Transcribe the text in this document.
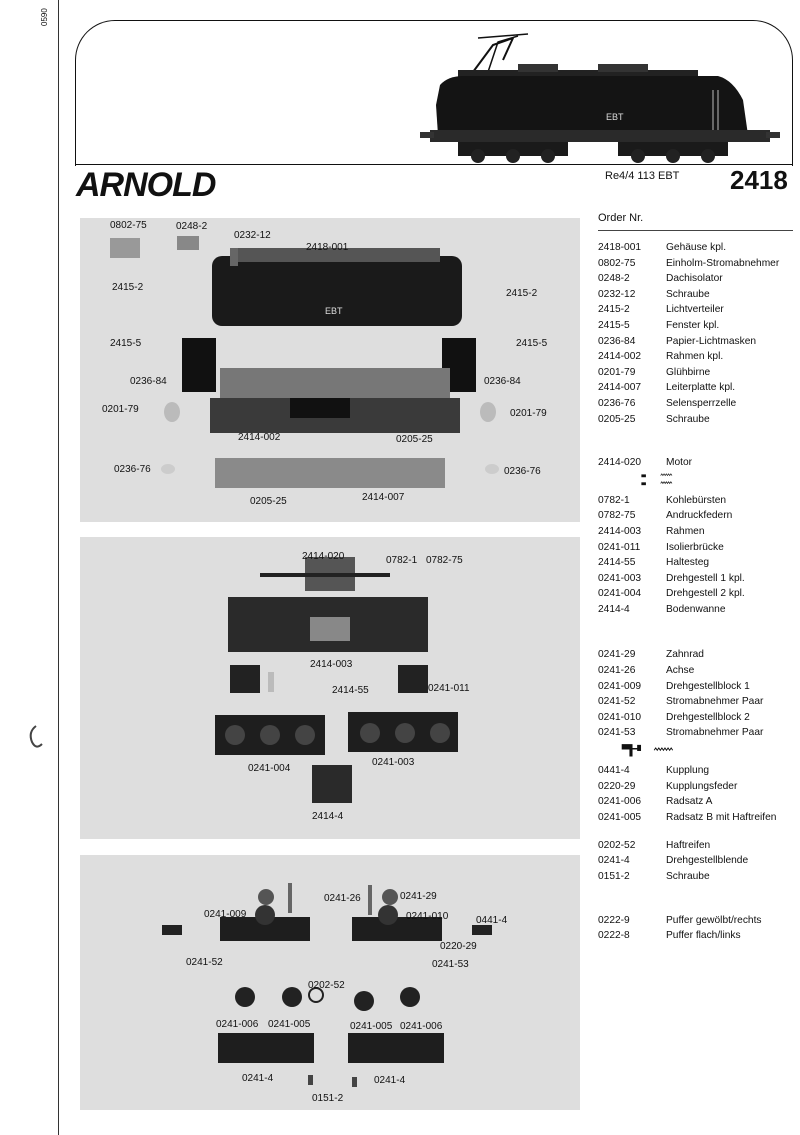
0590
EBT
ARNOLD	Re4/4 113 EBT 2418
EBT
0802-75	0248-2
0232-12
2418-001
2415-2
2415-2
2415-5	2415-5
0236-84	0236-84
0201-79	0201-79
2414-002	0205-25
0236-76	0236-76
0205-25	2414-007
2414-020	0782-1 0782-75
2414-003
2414-55	0241-011
0241-004
0241-003
2414-4
0241-26	0241-29
0241-009	0241-010	0441-4
0220-29
0241-52	0241-53
0202-52
0241-006 0241-005	0241-005 0241-006
0241-4	0241-4
0151-2
Order Nr.
2418-001 Gehäuse kpl.
0802-75	Einholm-Stromabnehmer
0248-2	Dachisolator
0232-12	Schraube
2415-2	Lichtverteiler
2415-5	Fenster kpl.
0236-84	Papier-Lichtmasken
2414-002 Rahmen kpl.
0201-79	Glühbirne
2414-007 Leiterplatte kpl.
0236-76	Selensperrzelle
0205-25	Schraube
2414-020 Motor
0782-1	Kohlebürsten
0782-75	Andruckfedern
2414-003 Rahmen
0241-011	Isolierbrücke
2414-55	Haltesteg
0241-003 Drehgestell 1 kpl.
0241-004 Drehgestell 2 kpl.
2414-4	Bodenwanne
0241-29	Zahnrad
0241-26	Achse
0241-009 Drehgestellblock 1
0241-52	Stromabnehmer Paar
0241-010 Drehgestellblock 2
0241-53	Stromabnehmer Paar
0441-4	Kupplung
0220-29	Kupplungsfeder
0241-006 Radsatz A
0241-005 Radsatz B mit Haftreifen
0202-52	Haftreifen
0241-4	Drehgestellblende
0151-2	Schraube
0222-9	Puffer gewölbt/rechts
0222-8	Puffer flach/links
